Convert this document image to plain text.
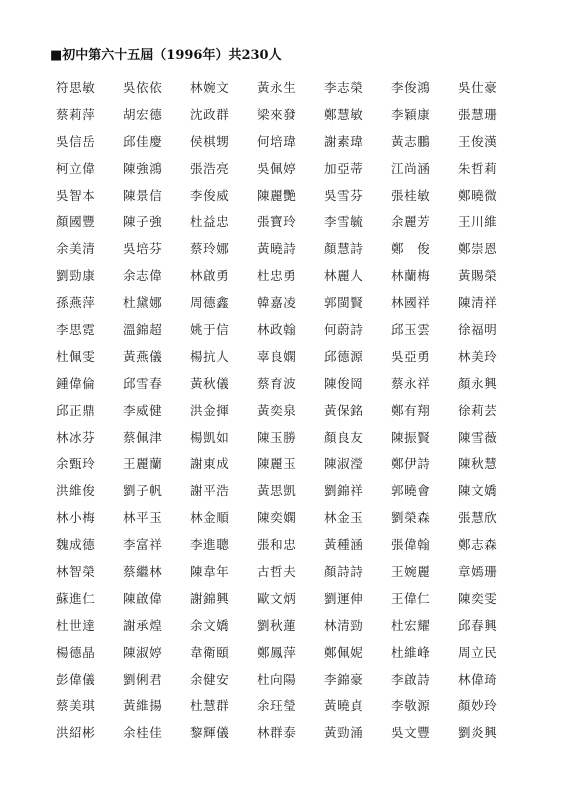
■初中第六十五屆（1996年）共230人
符思敏	吳依依	林婉文	黃永生	李志榮	李俊鴻	吳仕豪
蔡莉萍	胡宏德	沈政群	梁來發	鄭慧敏	李穎康	張慧珊
吳信岳	邱佳慶	侯棋甥	何培瑋	謝素瑋	黃志鵬	王俊漢
柯立偉	陳強鴻	張浩亮	吳佩婷	加亞蒂	江尚涵	朱哲莉
吳智本	陳景信	李俊威	陳麗艷	吳雪芬	張桂敏	鄭曉微
顏國豐	陳子強	杜益忠	張寶玲	李雪毓	余麗芳	王川維
余美清	吳培芬	蔡玲娜	黃曉詩	顏慧詩	鄭　俊	鄭崇恩
劉勁康	余志偉	林啟勇	杜忠勇	林麗人	林蘭梅	黃賜榮
孫燕萍	杜黛娜	周德鑫	韓嘉凌	郭閩賢	林國祥	陳清祥
李思霓	溫錦超	姚于信	林政翰	何蔚詩	邱玉雲	徐福明
杜佩雯	黃燕儀	楊抗人	辜良嫻	邱德源	吳亞勇	林美玲
鍾偉倫	邱雪春	黃秋儀	蔡育波	陳俊岡	蔡永祥	顏永興
邱正鼎	李威健	洪金揮	黃奕泉	黃保銘	鄭有翔	徐莉芸
林冰芬	蔡佩津	楊凱如	陳玉勝	顏良友	陳振賢	陳雪薇
余甄玲	王麗蘭	謝東成	陳麗玉	陳淑瀅	鄭伊詩	陳秋慧
洪維俊	劉子帆	謝平浩	黃思凱	劉錦祥	郭曉會	陳文嬌
林小梅	林平玉	林金順	陳奕嫻	林金玉	劉榮森	張慧欣
魏成德	李富祥	李進聰	張和忠	黃種涵	張偉翰	鄭志森
林智榮	蔡繼林	陳韋年	古哲夫	顏詩詩	王婉麗	章嫣珊
蘇進仁	陳啟偉	謝錦興	歐文炳	劉運伸	王偉仁	陳奕雯
杜世達	謝承煌	余文嬌	劉秋蓮	林清勁	杜宏耀	邱春興
楊德晶	陳淑婷	韋衛頤	鄭鳳萍	鄭佩妮	杜維峰	周立民
彭偉儀	劉俐君	余健安	杜向陽	李錦豪	李啟詩	林偉琦
蔡美琪	黃維揚	杜慧群	余玨瑩	黃曉貞	李敬源	顏妙玲
洪紹彬	余桂佳	黎輝儀	林群泰	黃勁涌	吳文豐	劉炎興
